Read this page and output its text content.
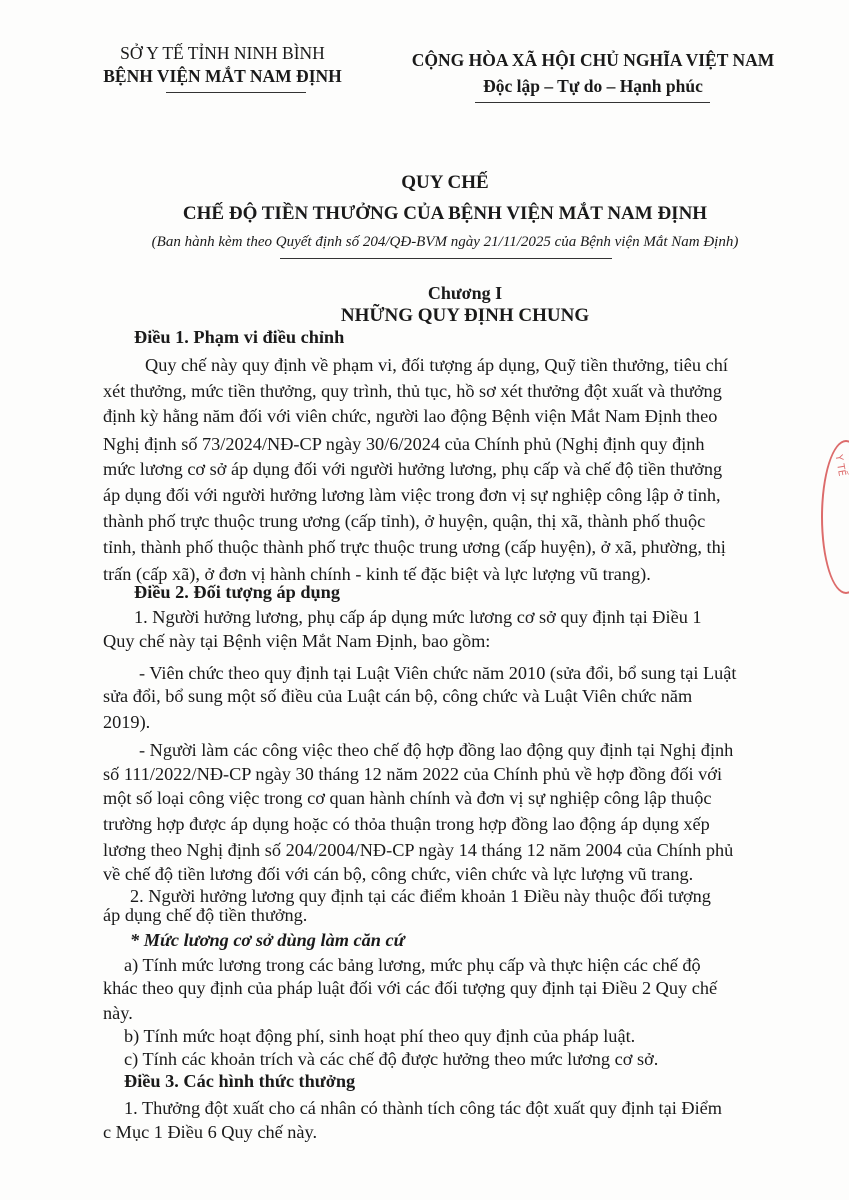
SỞ Y TẾ TỈNH NINH BÌNH
BỆNH VIỆN MẮT NAM ĐỊNH
CỘNG HÒA XÃ HỘI CHỦ NGHĨA VIỆT NAM
Độc lập – Tự do – Hạnh phúc
QUY CHẾ
CHẾ ĐỘ TIỀN THƯỞNG CỦA BỆNH VIỆN MẮT NAM ĐỊNH
(Ban hành kèm theo Quyết định số 204/QĐ-BVM ngày 21/11/2025 của Bệnh viện Mắt Nam Định)
Chương I
NHỮNG QUY ĐỊNH CHUNG
Điều 1. Phạm vi điều chỉnh
Quy chế này quy định về phạm vi, đối tượng áp dụng, Quỹ tiền thưởng, tiêu chí
xét thưởng, mức tiền thưởng, quy trình, thủ tục, hồ sơ xét thưởng đột xuất và thưởng
định kỳ hằng năm đối với viên chức, người lao động Bệnh viện Mắt Nam Định theo
Nghị định số 73/2024/NĐ-CP ngày 30/6/2024 của Chính phủ (Nghị định quy định
mức lương cơ sở áp dụng đối với người hưởng lương, phụ cấp và chế độ tiền thưởng
áp dụng đối với người hưởng lương làm việc trong đơn vị sự nghiệp công lập ở tỉnh,
thành phố trực thuộc trung ương (cấp tỉnh), ở huyện, quận, thị xã, thành phố thuộc
tỉnh, thành phố thuộc thành phố trực thuộc trung ương (cấp huyện), ở xã, phường, thị
trấn (cấp xã), ở đơn vị hành chính - kinh tế đặc biệt và lực lượng vũ trang).
Điều 2. Đối tượng áp dụng
1. Người hưởng lương, phụ cấp áp dụng mức lương cơ sở quy định tại Điều 1
Quy chế này tại Bệnh viện Mắt Nam Định, bao gồm:
- Viên chức theo quy định tại Luật Viên chức năm 2010 (sửa đổi, bổ sung tại Luật
sửa đổi, bổ sung một số điều của Luật cán bộ, công chức và Luật Viên chức năm
2019).
- Người làm các công việc theo chế độ hợp đồng lao động quy định tại Nghị định
số 111/2022/NĐ-CP ngày 30 tháng 12 năm 2022 của Chính phủ về hợp đồng đối với
một số loại công việc trong cơ quan hành chính và đơn vị sự nghiệp công lập thuộc
trường hợp được áp dụng hoặc có thỏa thuận trong hợp đồng lao động áp dụng xếp
lương theo Nghị định số 204/2004/NĐ-CP ngày 14 tháng 12 năm 2004 của Chính phủ
về chế độ tiền lương đối với cán bộ, công chức, viên chức và lực lượng vũ trang.
2. Người hưởng lương quy định tại các điểm khoản 1 Điều này thuộc đối tượng
áp dụng chế độ tiền thưởng.
* Mức lương cơ sở dùng làm căn cứ
a) Tính mức lương trong các bảng lương, mức phụ cấp và thực hiện các chế độ
khác theo quy định của pháp luật đối với các đối tượng quy định tại Điều 2 Quy chế
này.
b) Tính mức hoạt động phí, sinh hoạt phí theo quy định của pháp luật.
c) Tính các khoản trích và các chế độ được hưởng theo mức lương cơ sở.
Điều 3. Các hình thức thưởng
1. Thưởng đột xuất cho cá nhân có thành tích công tác đột xuất quy định tại Điểm
c Mục 1 Điều 6 Quy chế này.
Y TẾ
